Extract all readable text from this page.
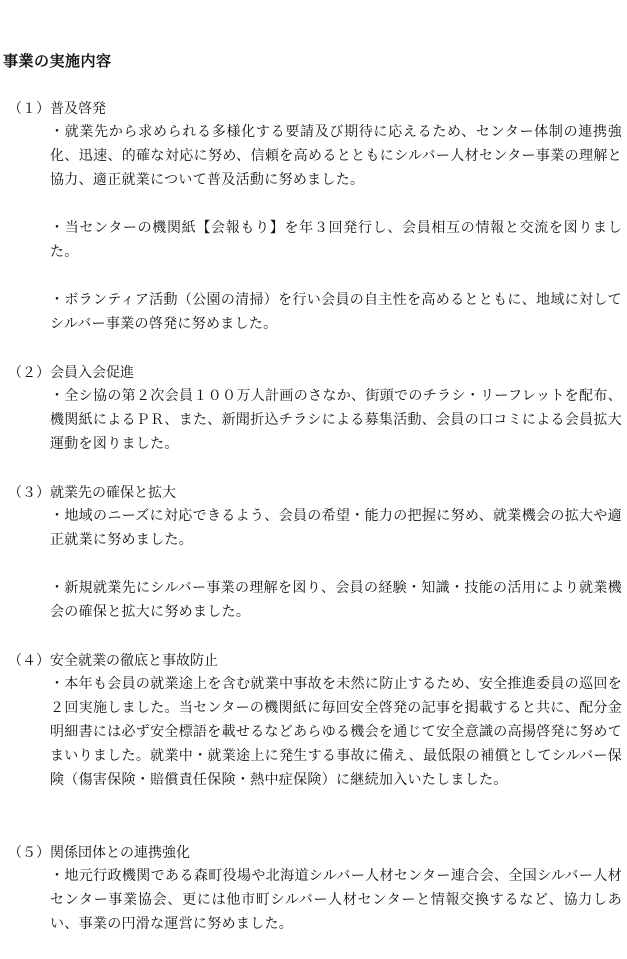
事業の実施内容
（１）普及啓発
・就業先から求められる多様化する要請及び期待に応えるため、センター体制の連携強化、迅速、的確な対応に努め、信頼を高めるとともにシルバー人材センター事業の理解と協力、適正就業について普及活動に努めました。
・当センターの機関紙【会報もり】を年３回発行し、会員相互の情報と交流を図りました。
・ボランティア活動（公園の清掃）を行い会員の自主性を高めるとともに、地域に対してシルバー事業の啓発に努めました。
（２）会員入会促進
・全シ協の第２次会員１００万人計画のさなか、街頭でのチラシ・リーフレットを配布、機関紙によるＰＲ、また、新聞折込チラシによる募集活動、会員の口コミによる会員拡大運動を図りました。
（３）就業先の確保と拡大
・地域のニーズに対応できるよう、会員の希望・能力の把握に努め、就業機会の拡大や適正就業に努めました。
・新規就業先にシルバー事業の理解を図り、会員の経験・知識・技能の活用により就業機会の確保と拡大に努めました。
（４）安全就業の徹底と事故防止
・本年も会員の就業途上を含む就業中事故を未然に防止するため、安全推進委員の巡回を２回実施しました。当センターの機関紙に毎回安全啓発の記事を掲載すると共に、配分金明細書には必ず安全標語を載せるなどあらゆる機会を通じて安全意識の高揚啓発に努めてまいりました。就業中・就業途上に発生する事故に備え、最低限の補償としてシルバー保険（傷害保険・賠償責任保険・熱中症保険）に継続加入いたしました。
（５）関係団体との連携強化
・地元行政機関である森町役場や北海道シルバー人材センター連合会、全国シルバー人材センター事業協会、更には他市町シルバー人材センターと情報交換するなど、協力しあい、事業の円滑な運営に努めました。
